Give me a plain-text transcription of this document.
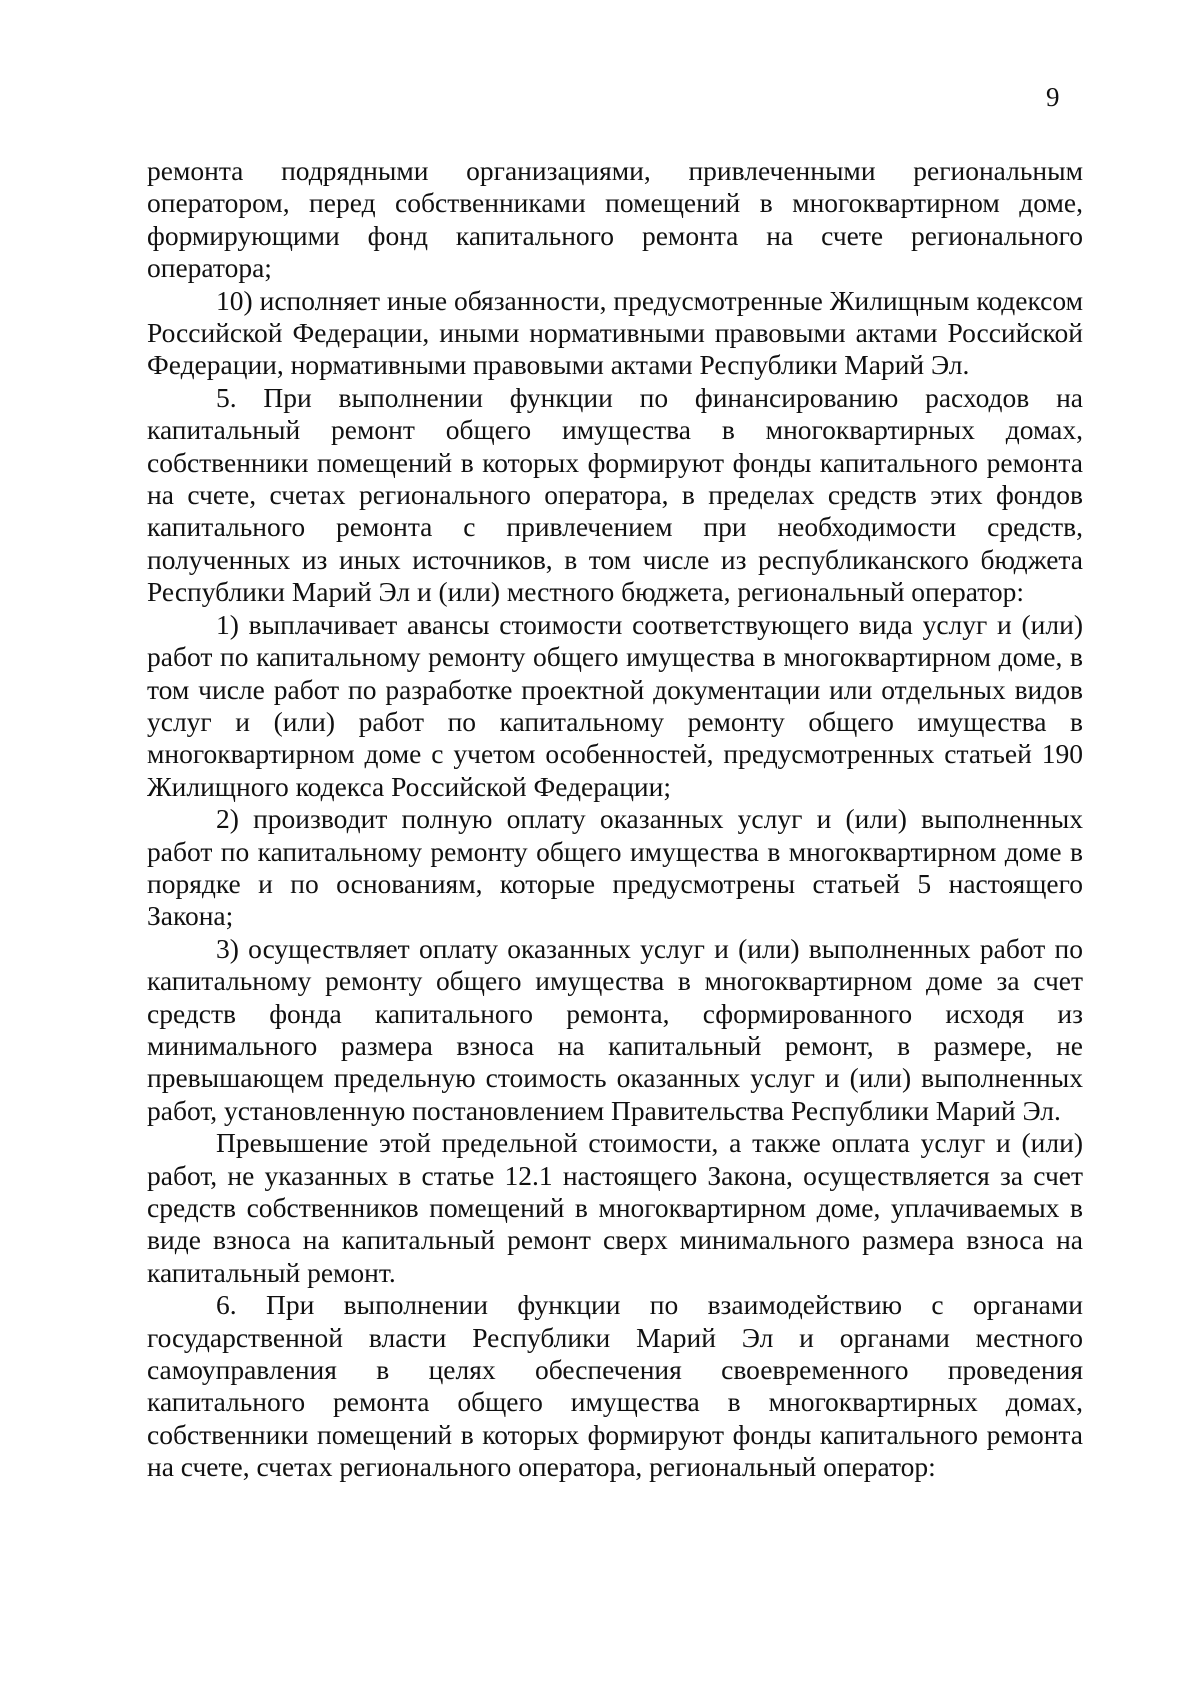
9

ремонта подрядными организациями, привлеченными региональным оператором, перед собственниками помещений в многоквартирном доме, формирующими фонд капитального ремонта на счете регионального оператора;

10) исполняет иные обязанности, предусмотренные Жилищным кодексом Российской Федерации, иными нормативными правовыми актами Российской Федерации, нормативными правовыми актами Республики Марий Эл.

5. При выполнении функции по финансированию расходов на капитальный ремонт общего имущества в многоквартирных домах, собственники помещений в которых формируют фонды капитального ремонта на счете, счетах регионального оператора, в пределах средств этих фондов капитального ремонта с привлечением при необходимости средств, полученных из иных источников, в том числе из республиканского бюджета Республики Марий Эл и (или) местного бюджета, региональный оператор:

1) выплачивает авансы стоимости соответствующего вида услуг и (или) работ по капитальному ремонту общего имущества в многоквартирном доме, в том числе работ по разработке проектной документации или отдельных видов услуг и (или) работ по капитальному ремонту общего имущества в многоквартирном доме с учетом особенностей, предусмотренных статьей 190 Жилищного кодекса Российской Федерации;

2) производит полную оплату оказанных услуг и (или) выполненных работ по капитальному ремонту общего имущества в многоквартирном доме в порядке и по основаниям, которые предусмотрены статьей 5 настоящего Закона;

3) осуществляет оплату оказанных услуг и (или) выполненных работ по капитальному ремонту общего имущества в многоквартирном доме за счет средств фонда капитального ремонта, сформированного исходя из минимального размера взноса на капитальный ремонт, в размере, не превышающем предельную стоимость оказанных услуг и (или) выполненных работ, установленную постановлением Правительства Республики Марий Эл.

Превышение этой предельной стоимости, а также оплата услуг и (или) работ, не указанных в статье 12.1 настоящего Закона, осуществляется за счет средств собственников помещений в многоквартирном доме, уплачиваемых в виде взноса на капитальный ремонт сверх минимального размера взноса на капитальный ремонт.

6. При выполнении функции по взаимодействию с органами государственной власти Республики Марий Эл и органами местного самоуправления в целях обеспечения своевременного проведения капитального ремонта общего имущества в многоквартирных домах, собственники помещений в которых формируют фонды капитального ремонта на счете, счетах регионального оператора, региональный оператор:
